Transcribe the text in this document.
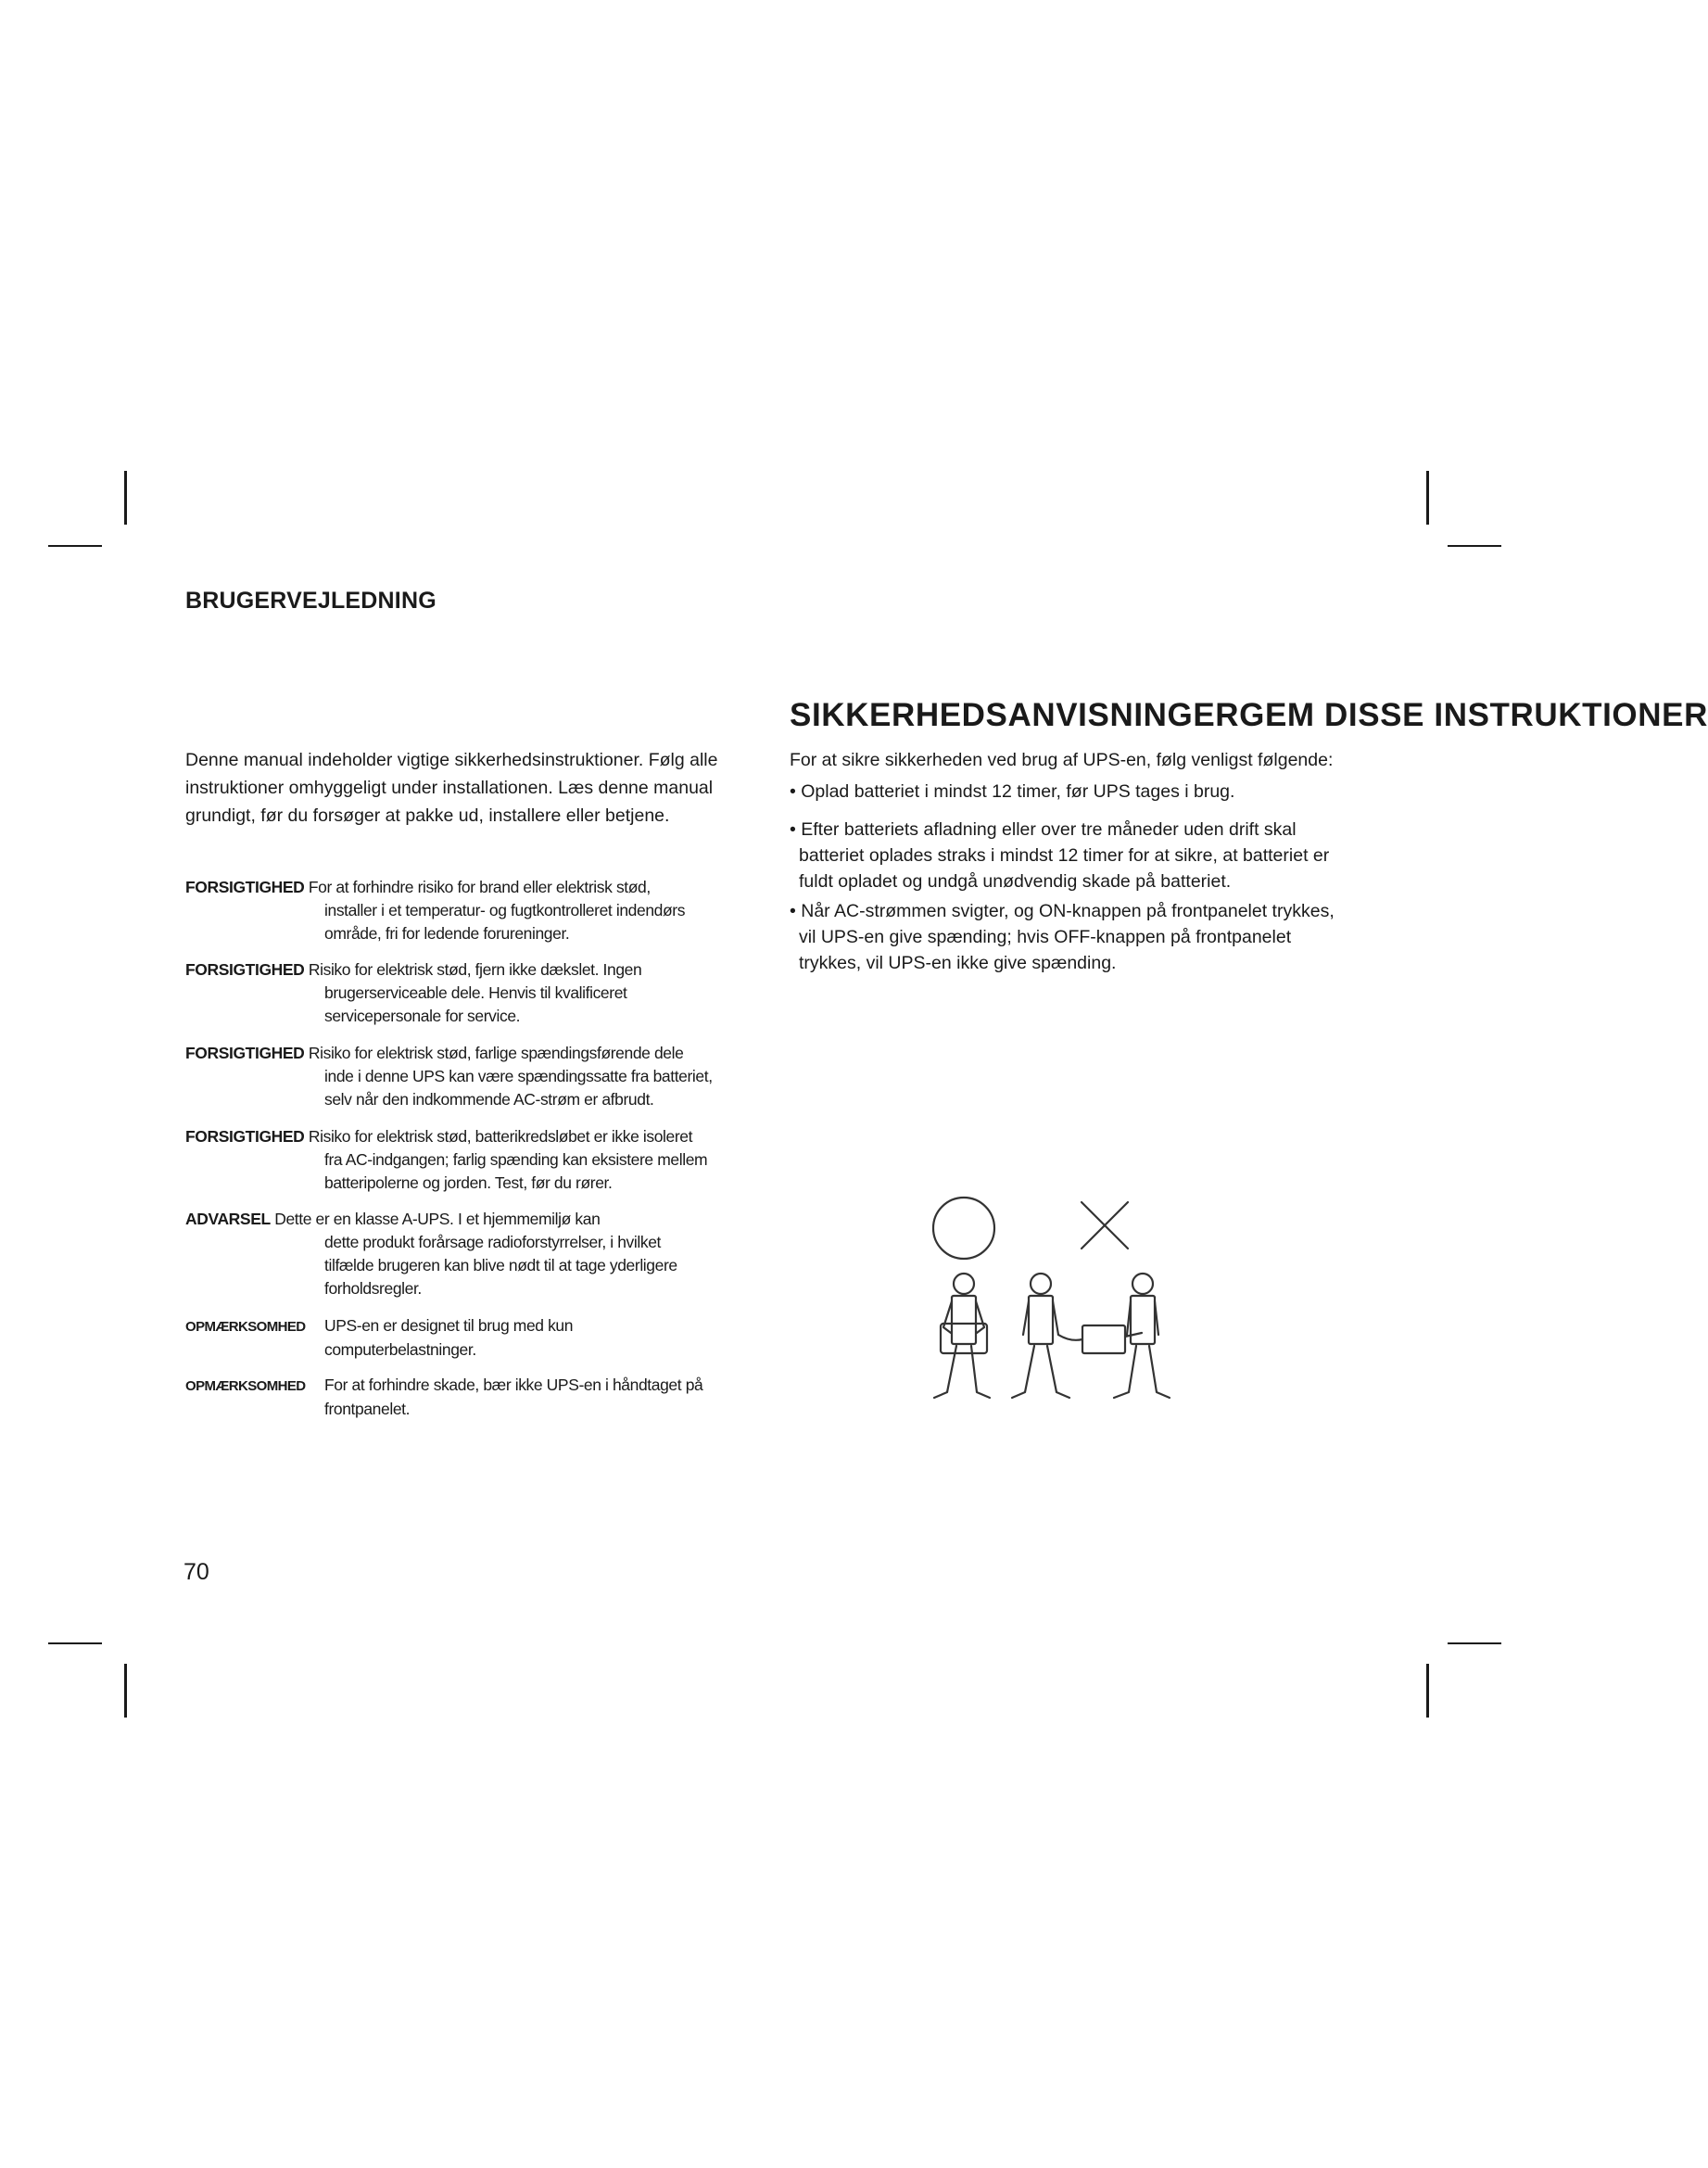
BRUGERVEJLEDNING
Denne manual indeholder vigtige sikkerhedsinstruktioner. Følg alle
instruktioner omhyggeligt under installationen. Læs denne manual
grundigt, før du forsøger at pakke ud, installere eller betjene.
FORSIGTIGHED For at forhindre risiko for brand eller elektrisk stød,
installer i et temperatur- og fugtkontrolleret indendørs
område, fri for ledende forureninger.
FORSIGTIGHED Risiko for elektrisk stød, fjern ikke dækslet. Ingen
brugerserviceable dele. Henvis til kvalificeret
servicepersonale for service.
FORSIGTIGHED Risiko for elektrisk stød, farlige spændingsførende dele
inde i denne UPS kan være spændingssatte fra batteriet,
selv når den indkommende AC-strøm er afbrudt.
FORSIGTIGHED Risiko for elektrisk stød, batterikredsløbet er ikke isoleret
fra AC-indgangen; farlig spænding kan eksistere mellem
batteripolerne og jorden. Test, før du rører.
ADVARSEL Dette er en klasse A-UPS. I et hjemmemiljø kan
dette produkt forårsage radioforstyrrelser, i hvilket
tilfælde brugeren kan blive nødt til at tage yderligere
forholdsregler.
OPMÆRKSOMHED UPS-en er designet til brug med kun
computerbelastninger.
OPMÆRKSOMHED For at forhindre skade, bær ikke UPS-en i håndtaget på
frontpanelet.
70
SIKKERHEDSANVISNINGERGEM DISSE INSTRUKTIONER
For at sikre sikkerheden ved brug af UPS-en, følg venligst følgende:
• Oplad batteriet i mindst 12 timer, før UPS tages i brug.
• Efter batteriets afladning eller over tre måneder uden drift skal
batteriet oplades straks i mindst 12 timer for at sikre, at batteriet er
fuldt opladet og undgå unødvendig skade på batteriet.
• Når AC-strømmen svigter, og ON-knappen på frontpanelet trykkes,
vil UPS-en give spænding; hvis OFF-knappen på frontpanelet
trykkes, vil UPS-en ikke give spænding.
